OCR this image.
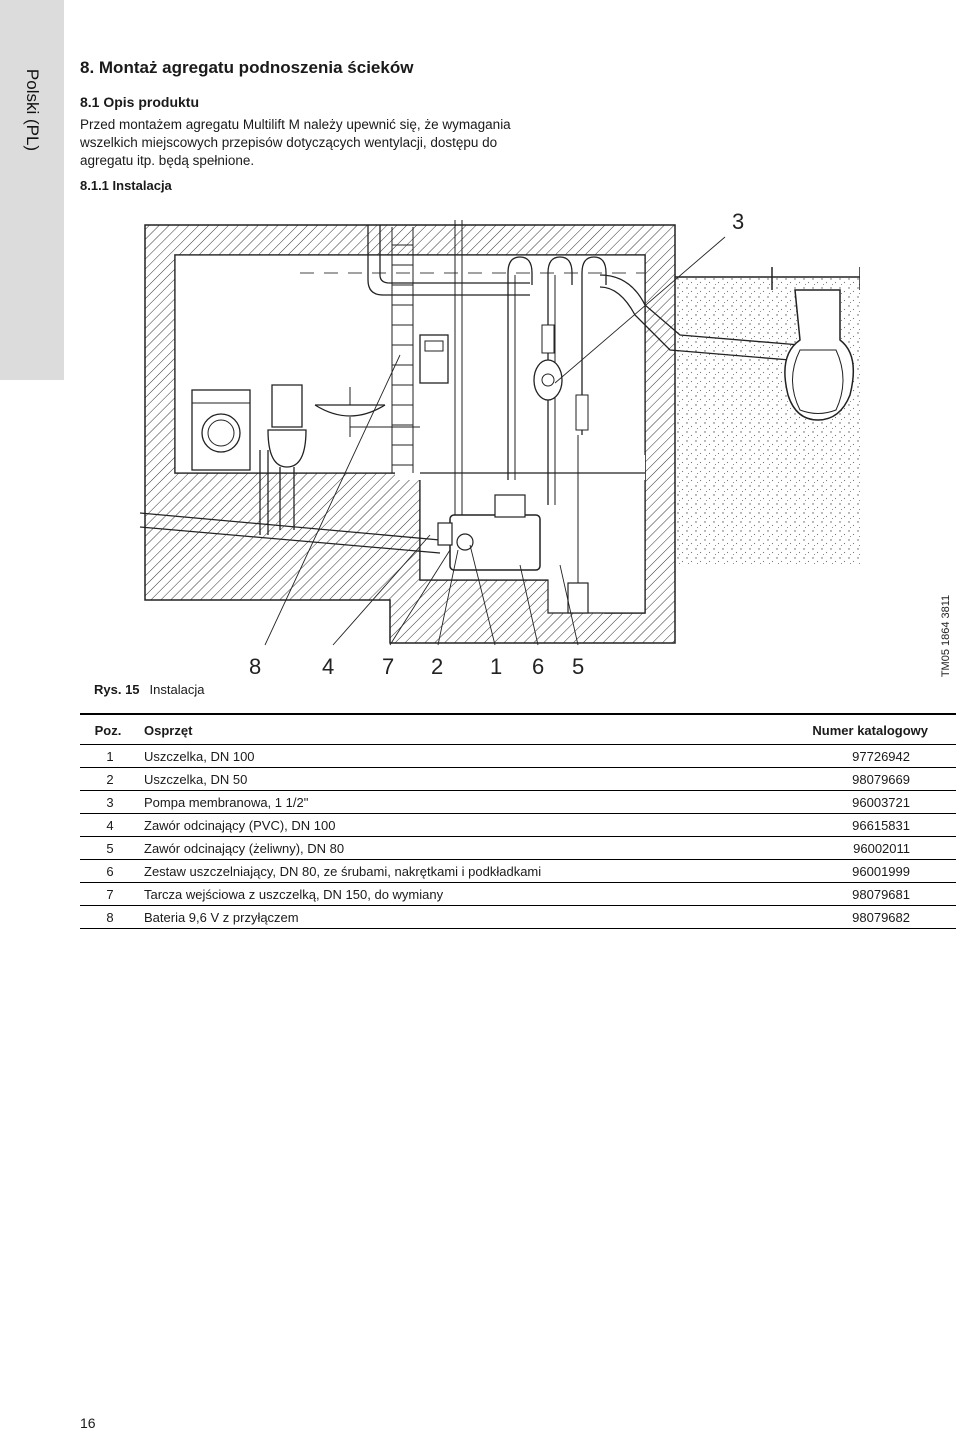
Polski (PL)
8. Montaż agregatu podnoszenia ścieków
8.1 Opis produktu

Przed montażem agregatu Multilift M należy upewnić się, że wymagania wszelkich miejscowych przepisów dotyczących wentylacji, dostępu do agregatu itp. będą spełnione.

8.1.1 Instalacja
3
8	4 7 2 1 6 5	TM05 1864 3811
Rys. 15 Instalacja
Poz.	Osprzęt	Numer katalogowy
1	Uszczelka, DN 100	97726942
2	Uszczelka, DN 50	98079669
3	Pompa membranowa, 1 1/2"	96003721
4	Zawór odcinający (PVC), DN 100	96615831
5	Zawór odcinający (żeliwny), DN 80	96002011
6	Zestaw uszczelniający, DN 80, ze śrubami, nakrętkami i podkładkami	96001999
7	Tarcza wejściowa z uszczelką, DN 150, do wymiany	98079681
8	Bateria 9,6 V z przyłączem	98079682
16
